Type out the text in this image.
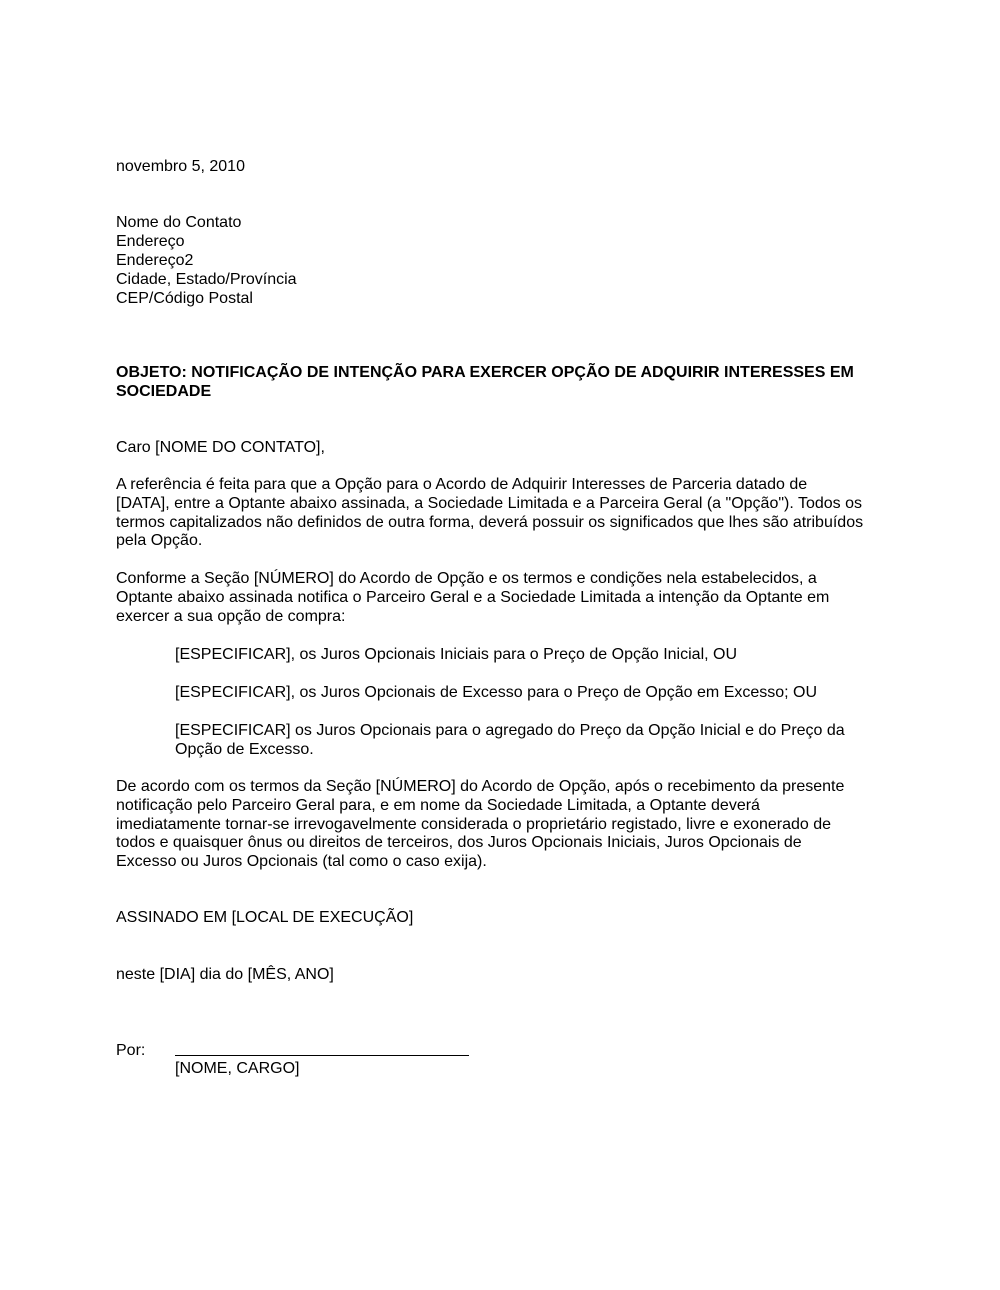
novembro 5, 2010
Nome do Contato
Endereço
Endereço2
Cidade, Estado/Província
CEP/Código Postal
OBJETO: NOTIFICAÇÃO DE INTENÇÃO PARA EXERCER OPÇÃO DE ADQUIRIR INTERESSES EM
SOCIEDADE
Caro [NOME DO CONTATO],
A referência é feita para que a Opção para o Acordo de Adquirir Interesses de Parceria datado de
[DATA], entre a Optante abaixo assinada, a Sociedade Limitada e a Parceira Geral (a "Opção"). Todos os
termos capitalizados não definidos de outra forma, deverá possuir os significados que lhes são atribuídos
pela Opção.
Conforme a Seção [NÚMERO] do Acordo de Opção e os termos e condições nela estabelecidos, a
Optante abaixo assinada notifica o Parceiro Geral e a Sociedade Limitada a intenção da Optante em
exercer a sua opção de compra:
[ESPECIFICAR], os Juros Opcionais Iniciais para o Preço de Opção Inicial, OU
[ESPECIFICAR], os Juros Opcionais de Excesso para o Preço de Opção em Excesso; OU
[ESPECIFICAR] os Juros Opcionais para o agregado do Preço da Opção Inicial e do Preço da
Opção de Excesso.
De acordo com os termos da Seção [NÚMERO] do Acordo de Opção, após o recebimento da presente
notificação pelo Parceiro Geral para, e em nome da Sociedade Limitada, a Optante deverá
imediatamente tornar-se irrevogavelmente considerada o proprietário registado, livre e exonerado de
todos e quaisquer ônus ou direitos de terceiros, dos Juros Opcionais Iniciais, Juros Opcionais de
Excesso ou Juros Opcionais (tal como o caso exija).
ASSINADO EM [LOCAL DE EXECUÇÃO]
neste [DIA] dia do [MÊS, ANO]
Por:
[NOME, CARGO]
